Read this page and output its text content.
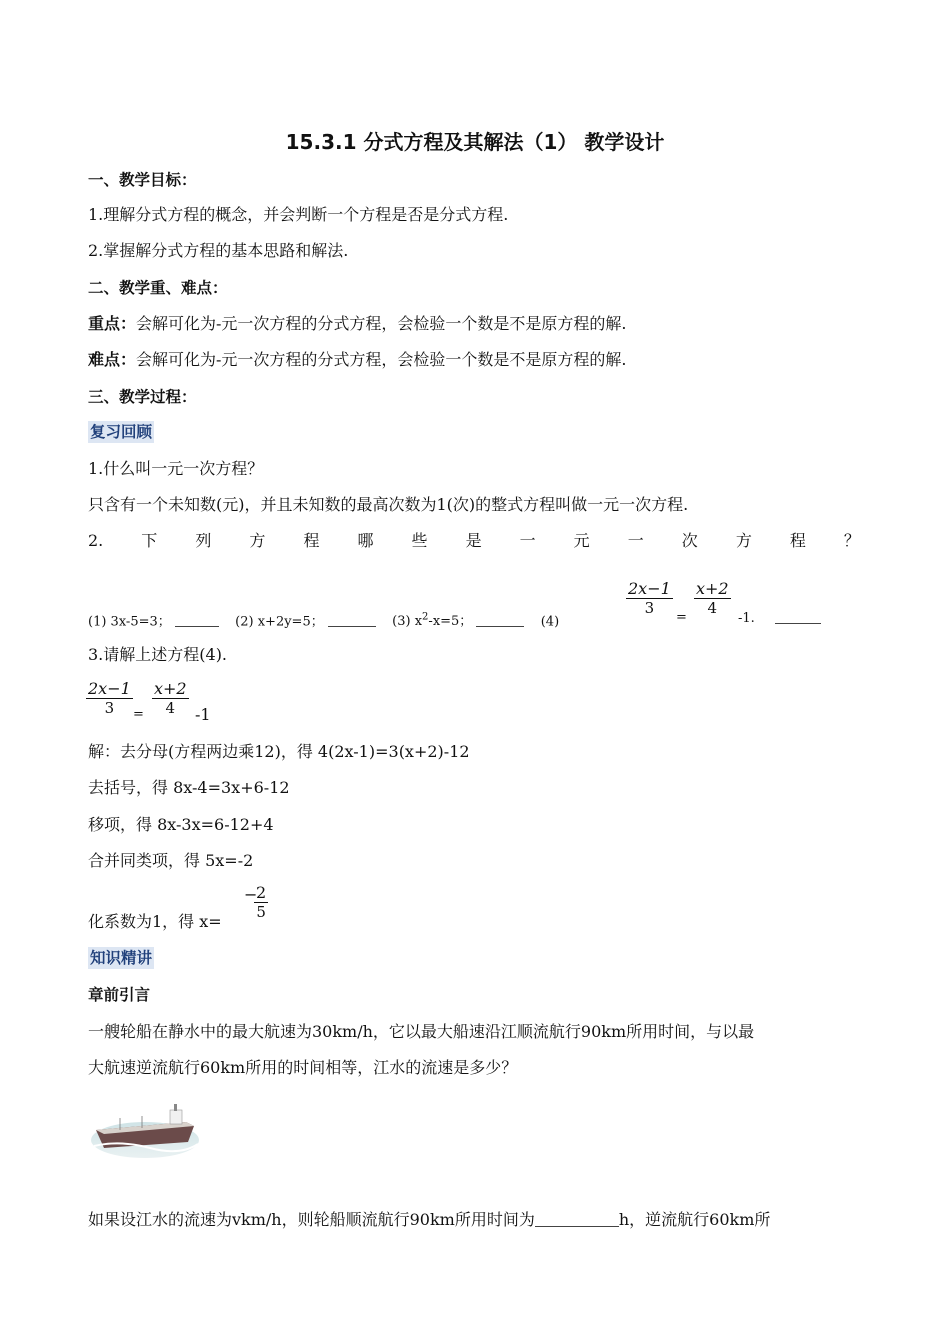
15.3.1 分式方程及其解法（1） 教学设计
一、教学目标：
1.理解分式方程的概念，并会判断一个方程是否是分式方程.
2.掌握解分式方程的基本思路和解法.
二、教学重、难点：
重点：会解可化为-元一次方程的分式方程，会检验一个数是不是原方程的解.
难点：会解可化为-元一次方程的分式方程，会检验一个数是不是原方程的解.
三、教学过程：
复习回顾
1.什么叫一元一次方程？
只含有一个未知数(元)，并且未知数的最高次数为1(次)的整式方程叫做一元一次方程.
2. 下 列 方 程 哪 些 是 一 元 一 次 方 程 ？
(1) 3x-5=3；	(2) x+2y=5；	(3) $x^2-x=5$；	(4)
$\frac{2x-1}{3}$
=
$\frac{x+2}{4}$
-1.
3.请解上述方程(4).
$\frac{2x-1}{3} = \frac{x+2}{4} -1$
解：去分母(方程两边乘12)，得 4(2x-1)=3(x+2)-12
去括号，得 8x-4=3x+6-12
移项，得 8x-3x=6-12+4
合并同类项，得 5x=-2
化系数为1，得 x=
−
$\frac{2}{5}$
知识精讲
章前引言
一艘轮船在静水中的最大航速为30km/h，它以最大船速沿江顺流航行90km所用时间，与以最
大航速逆流航行60km所用的时间相等，江水的流速是多少？
如果设江水的流速为vkm/h，则轮船顺流航行90km所用时间为	h，逆流航行60km所
